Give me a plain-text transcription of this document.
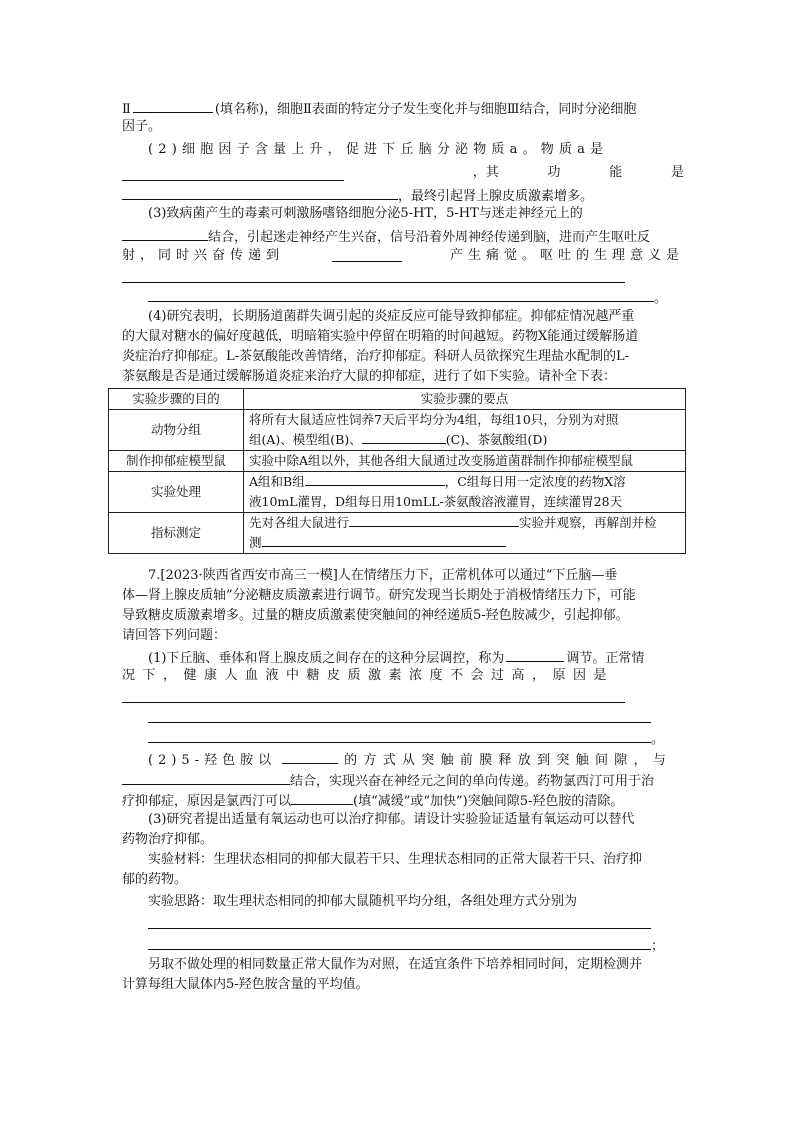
Ⅱ	(填名称)，细胞Ⅱ表面的特定分子发生变化并与细胞Ⅲ结合，同时分泌细胞
因子。
(2)细胞因子含量上升，促进下丘脑分泌物质a。物质a是
，其	功	能	是
，最终引起肾上腺皮质激素增多。
(3)致病菌产生的毒素可刺激肠嗜铬细胞分泌5-HT，5-HT与迷走神经元上的
结合，引起迷走神经产生兴奋，信号沿着外周神经传递到脑，进而产生呕吐反
射，同时兴奋传递到	产生痛觉。呕吐的生理意义是
。
(4)研究表明，长期肠道菌群失调引起的炎症反应可能导致抑郁症。抑郁症情况越严重
的大鼠对糖水的偏好度越低，明暗箱实验中停留在明箱的时间越短。药物X能通过缓解肠道
炎症治疗抑郁症。L-茶氨酸能改善情绪，治疗抑郁症。科研人员欲探究生理盐水配制的L-
茶氨酸是否是通过缓解肠道炎症来治疗大鼠的抑郁症，进行了如下实验。请补全下表：
实验步骤的目的	实验步骤的要点
动物分组	将所有大鼠适应性饲养7天后平均分为4组，每组10只，分别为对照
组(A)、模型组(B)、 (C)、茶氨酸组(D)

制作抑郁症模型鼠	实验中除A组以外，其他各组大鼠通过改变肠道菌群制作抑郁症模型鼠
实验处理	A组和B组 ，C组每日用一定浓度的药物X溶
液10mL灌胃，D组每日用10mLL-茶氨酸溶液灌胃，连续灌胃28天

指标测定	先对各组大鼠进行 实验并观察，再解剖并检
测
7.[2023·陕西省西安市高三一模]人在情绪压力下，正常机体可以通过“下丘脑—垂
体—肾上腺皮质轴”分泌糖皮质激素进行调节。研究发现当长期处于消极情绪压力下，可能
导致糖皮质激素增多。过量的糖皮质激素使突触间的神经递质5-羟色胺减少，引起抑郁。
请回答下列问题：
(1)下丘脑、垂体和肾上腺皮质之间存在的这种分层调控，称为	调节。正常情
况下，健康人血液中糖皮质激素浓度不会过高，原因是
。
(2)5-羟色胺以	的方式从突触前膜释放到突触间隙，与
结合，实现兴奋在神经元之间的单向传递。药物氯西汀可用于治
疗抑郁症，原因是氯西汀可以	(填“减缓”或“加快”)突触间隙5-羟色胺的清除。
(3)研究者提出适量有氧运动也可以治疗抑郁。请设计实验验证适量有氧运动可以替代
药物治疗抑郁。
实验材料：生理状态相同的抑郁大鼠若干只、生理状态相同的正常大鼠若干只、治疗抑
郁的药物。
实验思路：取生理状态相同的抑郁大鼠随机平均分组，各组处理方式分别为
；
另取不做处理的相同数量正常大鼠作为对照，在适宜条件下培养相同时间，定期检测并
计算每组大鼠体内5-羟色胺含量的平均值。
